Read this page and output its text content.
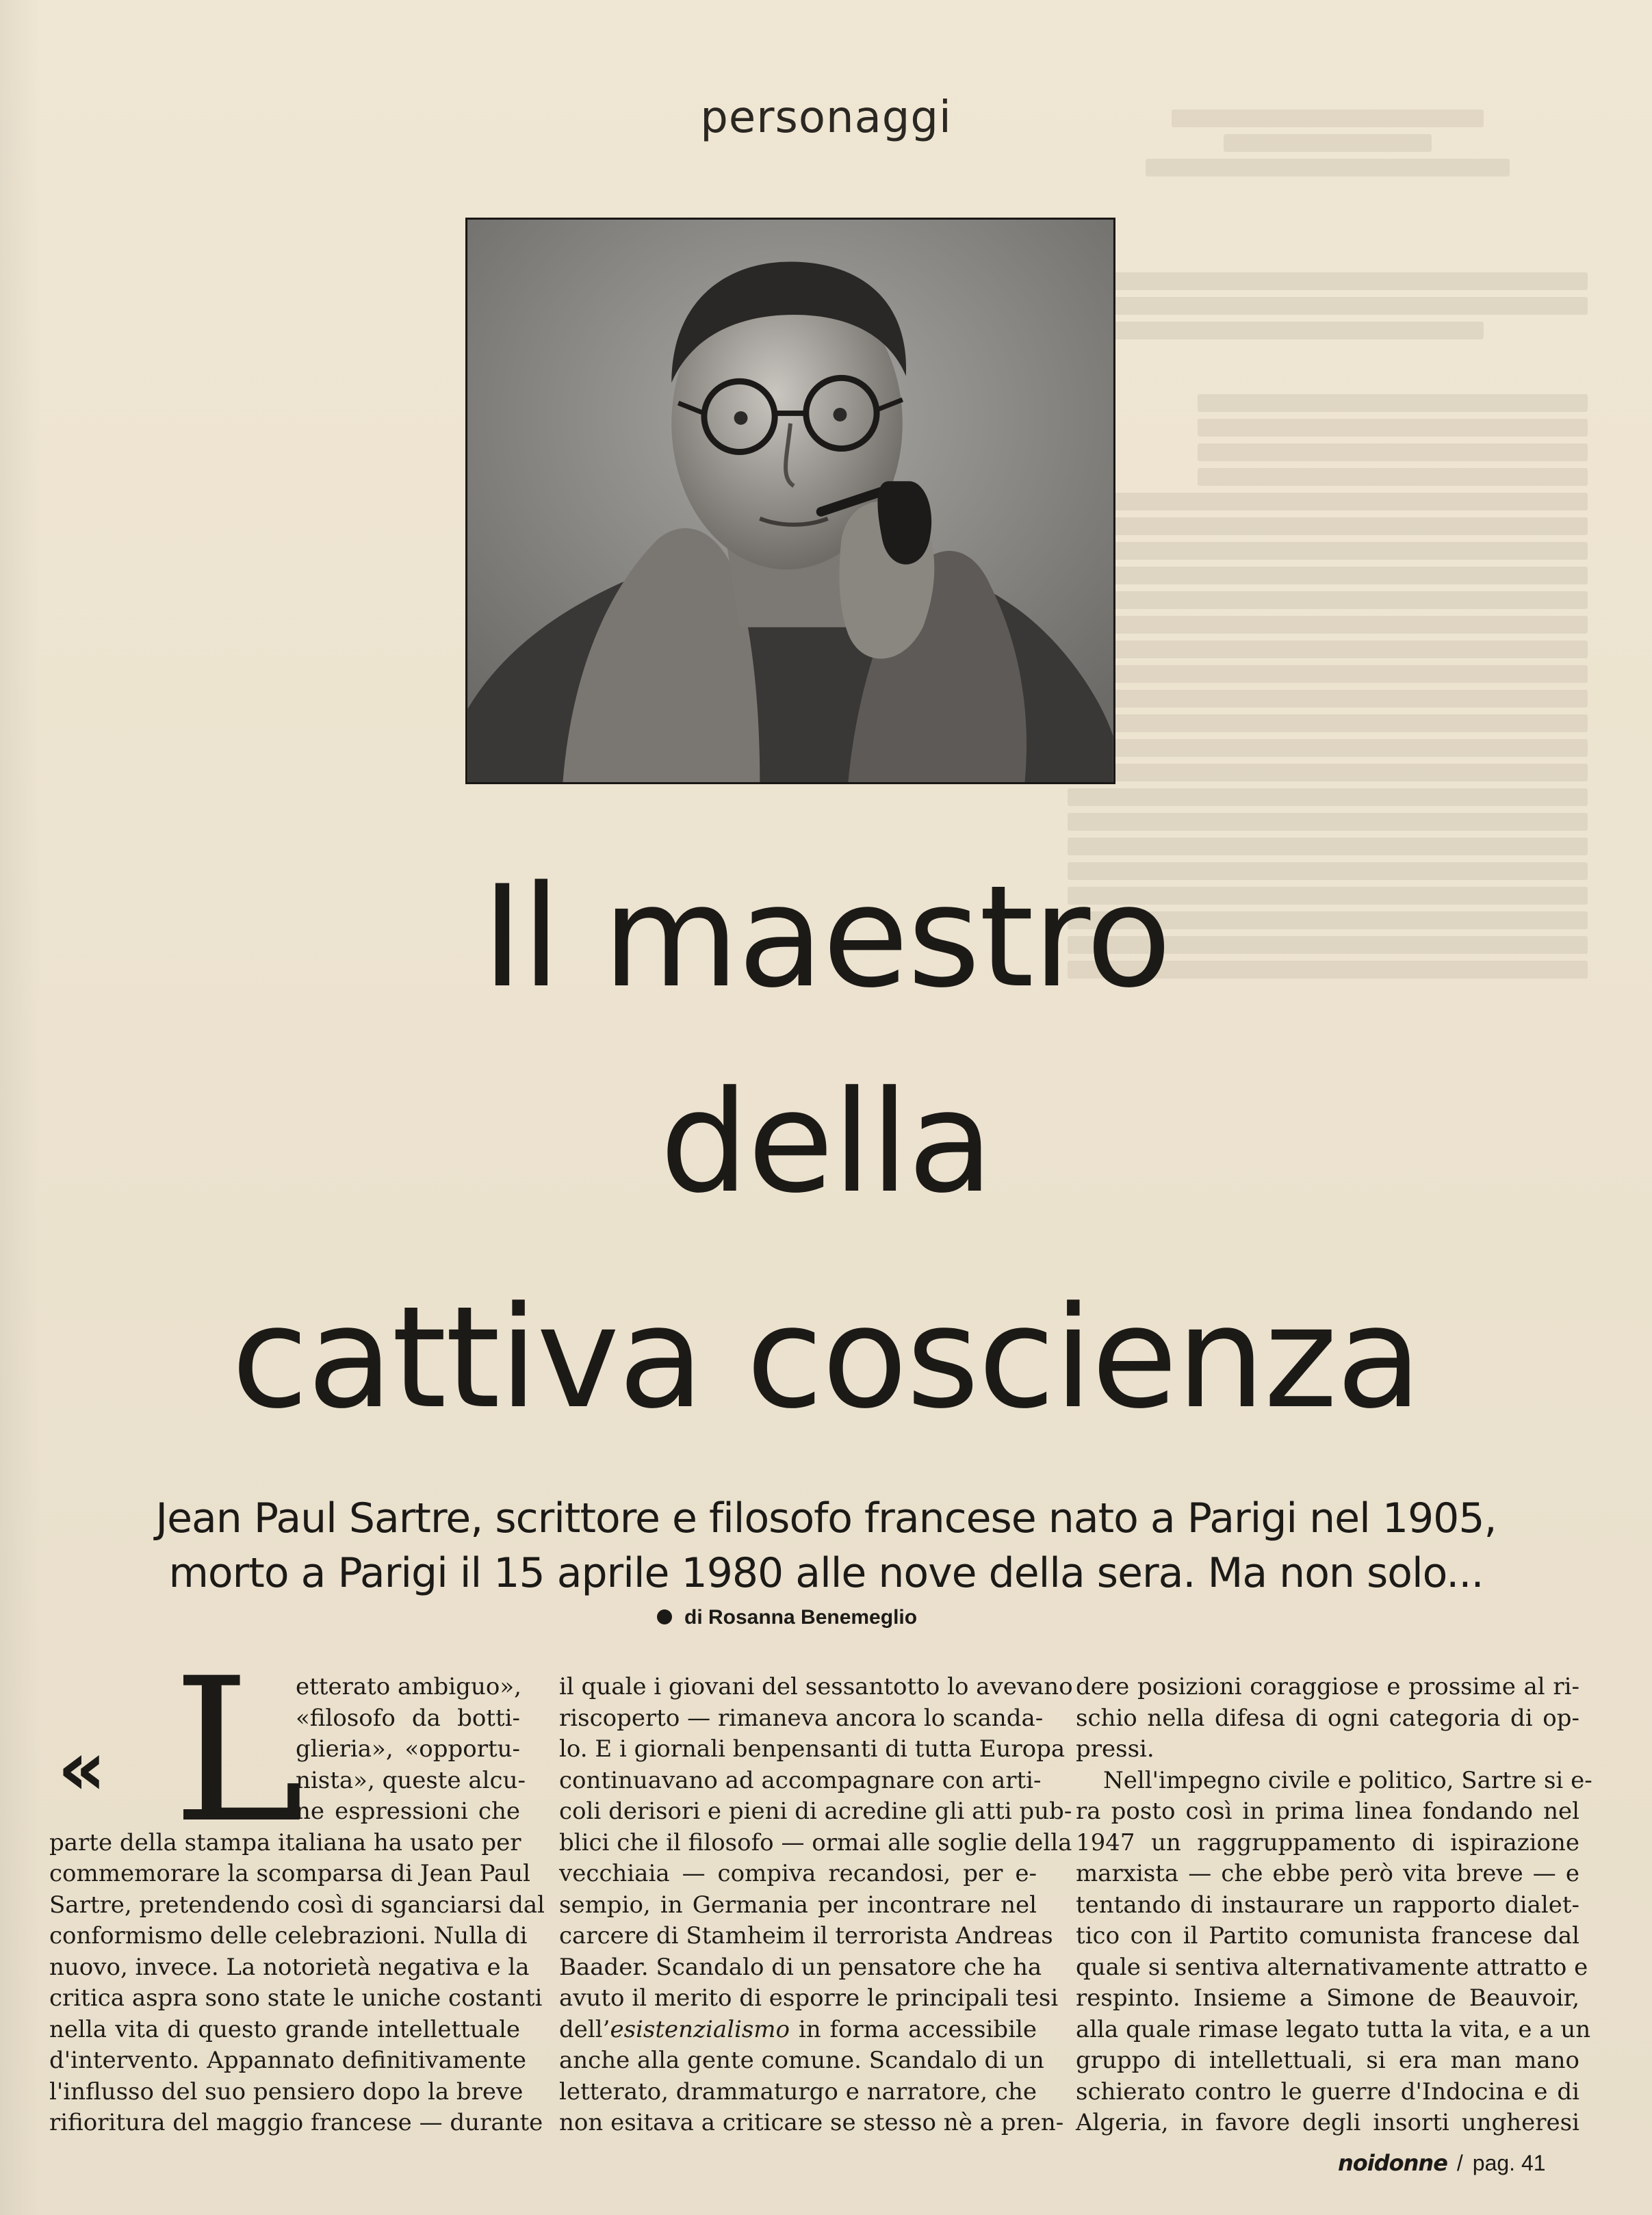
personaggi
Il maestro
della
cattiva coscienza
Jean Paul Sartre, scrittore e filosofo francese nato a Parigi nel 1905,
morto a Parigi il 15 aprile 1980 alle nove della sera. Ma non solo...
di Rosanna Benemeglio
« L
etterato ambiguo»,
«filosofo da botti-
glieria», «opportu-
nista», queste alcu-
ne espressioni che
parte della stampa italiana ha usato per
commemorare la scomparsa di Jean Paul
Sartre, pretendendo così di sganciarsi dal
conformismo delle celebrazioni. Nulla di
nuovo, invece. La notorietà negativa e la
critica aspra sono state le uniche costanti
nella vita di questo grande intellettuale
d'intervento. Appannato definitivamente
l'influsso del suo pensiero dopo la breve
rifioritura del maggio francese — durante
il quale i giovani del sessantotto lo avevano
riscoperto — rimaneva ancora lo scanda-
lo. E i giornali benpensanti di tutta Europa
continuavano ad accompagnare con arti-
coli derisori e pieni di acredine gli atti pub-
blici che il filosofo — ormai alle soglie della
vecchiaia — compiva recandosi, per e-
sempio, in Germania per incontrare nel
carcere di Stamheim il terrorista Andreas
Baader. Scandalo di un pensatore che ha
avuto il merito di esporre le principali tesi
dell’esistenzialismo in forma accessibile
anche alla gente comune. Scandalo di un
letterato, drammaturgo e narratore, che
non esitava a criticare se stesso nè a pren-
dere posizioni coraggiose e prossime al ri-
schio nella difesa di ogni categoria di op-
pressi.
Nell'impegno civile e politico, Sartre si e-
ra posto così in prima linea fondando nel
1947 un raggruppamento di ispirazione
marxista — che ebbe però vita breve — e
tentando di instaurare un rapporto dialet-
tico con il Partito comunista francese dal
quale si sentiva alternativamente attratto e
respinto. Insieme a Simone de Beauvoir,
alla quale rimase legato tutta la vita, e a un
gruppo di intellettuali, si era man mano
schierato contro le guerre d'Indocina e di
Algeria, in favore degli insorti ungheresi
noidonne / pag. 41
